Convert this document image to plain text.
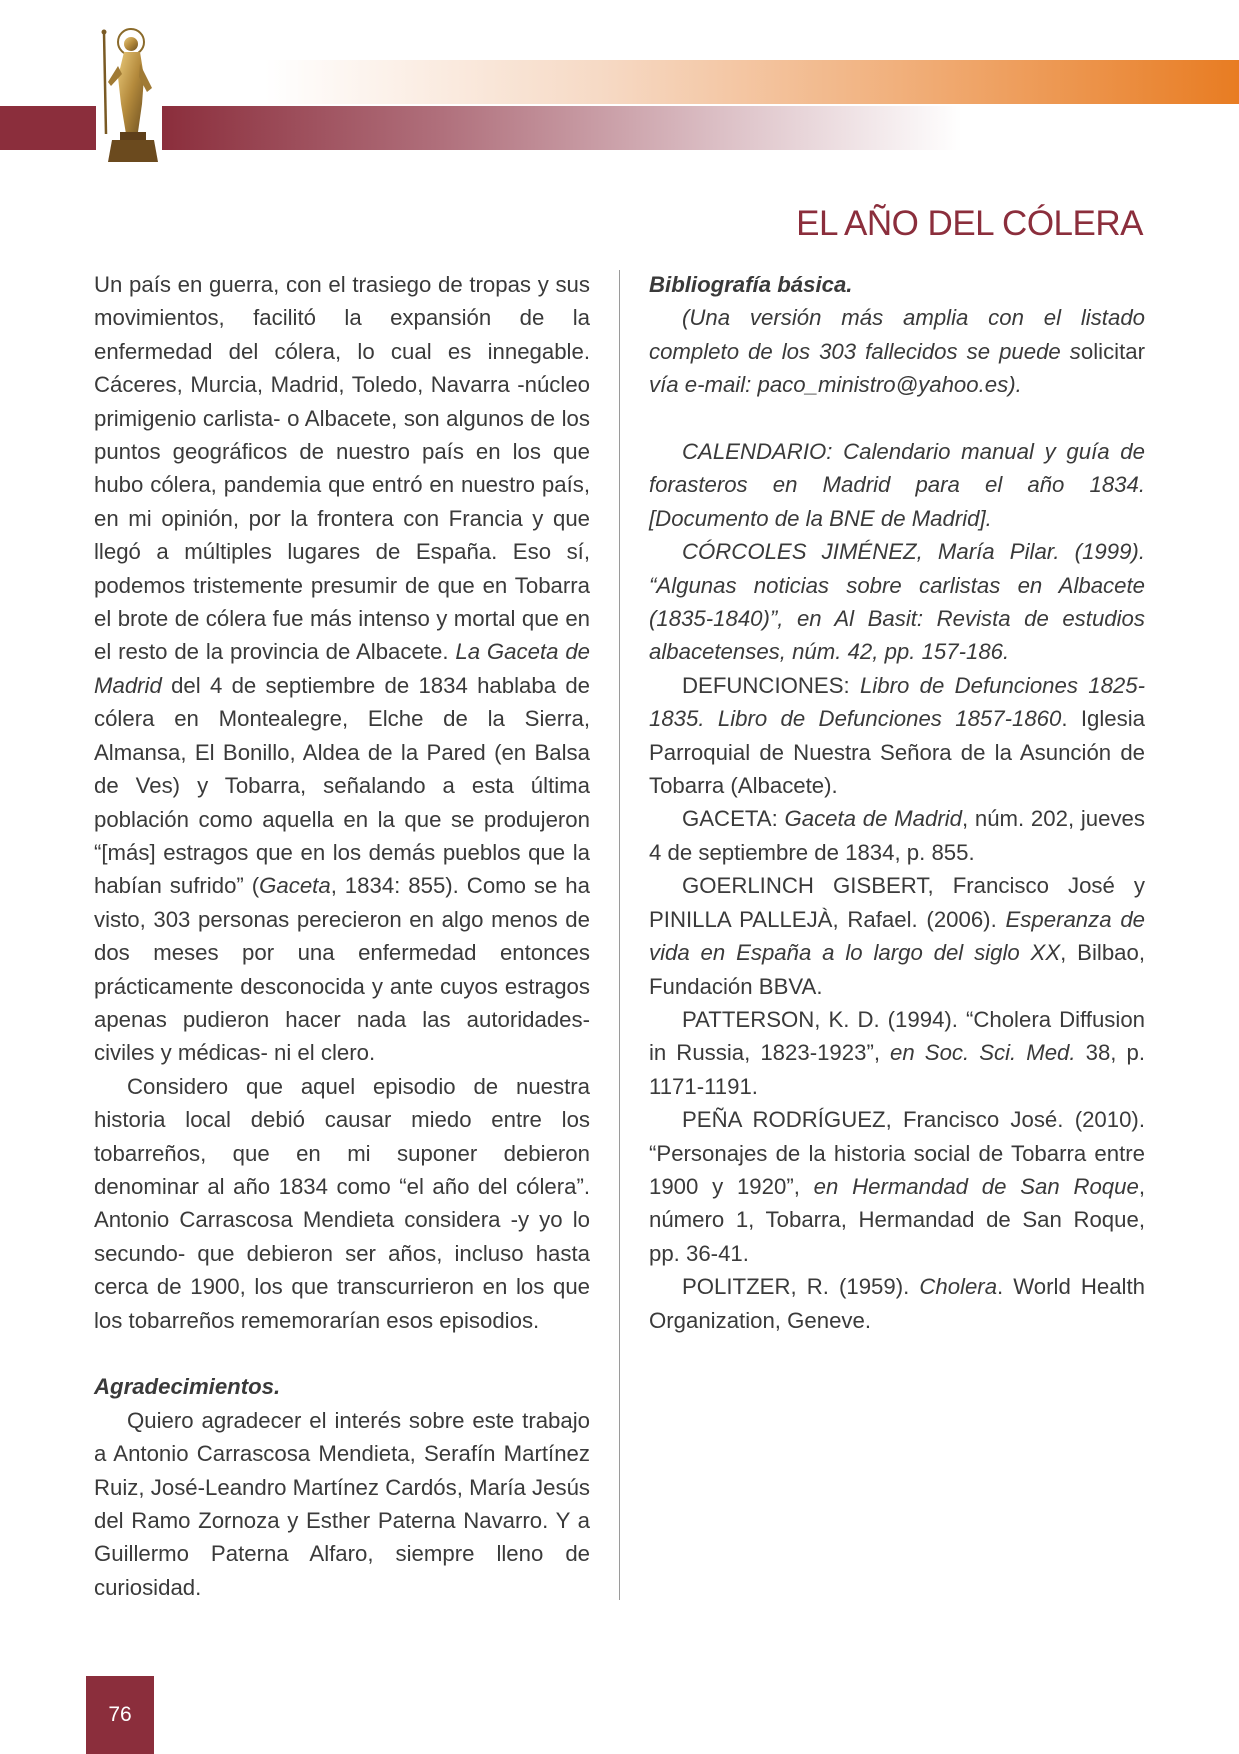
EL AÑO DEL CÓLERA

Un país en guerra, con el trasiego de tropas y sus movimientos, facilitó la expansión de la enfermedad del cólera, lo cual es innegable. Cáceres, Murcia, Madrid, Toledo, Navarra -núcleo primigenio carlista- o Albacete, son algunos de los puntos geográficos de nuestro país en los que hubo cólera, pandemia que entró en nuestro país, en mi opinión, por la frontera con Francia y que llegó a múltiples lugares de España. Eso sí, podemos tristemente presumir de que en Tobarra el brote de cólera fue más intenso y mortal que en el resto de la provincia de Albacete. La Gaceta de Madrid del 4 de septiembre de 1834 hablaba de cólera en Montealegre, Elche de la Sierra, Almansa, El Bonillo, Aldea de la Pared (en Balsa de Ves) y Tobarra, señalando a esta última población como aquella en la que se produjeron “[más] estragos que en los demás pueblos que la habían sufrido” (Gaceta, 1834: 855). Como se ha visto, 303 personas perecieron en algo menos de dos meses por una enfermedad entonces prácticamente desconocida y ante cuyos estragos apenas pudieron hacer nada las autoridades-civiles y médicas- ni el clero.

Considero que aquel episodio de nuestra historia local debió causar miedo entre los tobarreños, que en mi suponer debieron denominar al año 1834 como “el año del cólera”. Antonio Carrascosa Mendieta considera -y yo lo secundo- que debieron ser años, incluso hasta cerca de 1900, los que transcurrieron en los que los tobarreños rememorarían esos episodios.

Agradecimientos.

Quiero agradecer el interés sobre este trabajo a Antonio Carrascosa Mendieta, Serafín Martínez Ruiz, José-Leandro Martínez Cardós, María Jesús del Ramo Zornoza y Esther Paterna Navarro. Y a Guillermo Paterna Alfaro, siempre lleno de curiosidad.

Bibliografía básica.

(Una versión más amplia con el listado completo de los 303 fallecidos se puede solicitar vía e-mail: paco_ministro@yahoo.es).

CALENDARIO: Calendario manual y guía de forasteros en Madrid para el año 1834. [Documento de la BNE de Madrid].

CÓRCOLES JIMÉNEZ, María Pilar. (1999). “Algunas noticias sobre carlistas en Albacete (1835-1840)”, en Al Basit: Revista de estudios albacetenses, núm. 42, pp. 157-186.

DEFUNCIONES: Libro de Defunciones 1825-1835. Libro de Defunciones 1857-1860. Iglesia Parroquial de Nuestra Señora de la Asunción de Tobarra (Albacete).

GACETA: Gaceta de Madrid, núm. 202, jueves 4 de septiembre de 1834, p. 855.

GOERLINCH GISBERT, Francisco José y PINILLA PALLEJÀ, Rafael. (2006). Esperanza de vida en España a lo largo del siglo XX, Bilbao, Fundación BBVA.

PATTERSON, K. D. (1994). “Cholera Diffusion in Russia, 1823-1923”, en Soc. Sci. Med. 38, p. 1171-1191.

PEÑA RODRÍGUEZ, Francisco José. (2010). “Personajes de la historia social de Tobarra entre 1900 y 1920”, en Hermandad de San Roque, número 1, Tobarra, Hermandad de San Roque, pp. 36-41.

POLITZER, R. (1959). Cholera. World Health Organization, Geneve.

76
